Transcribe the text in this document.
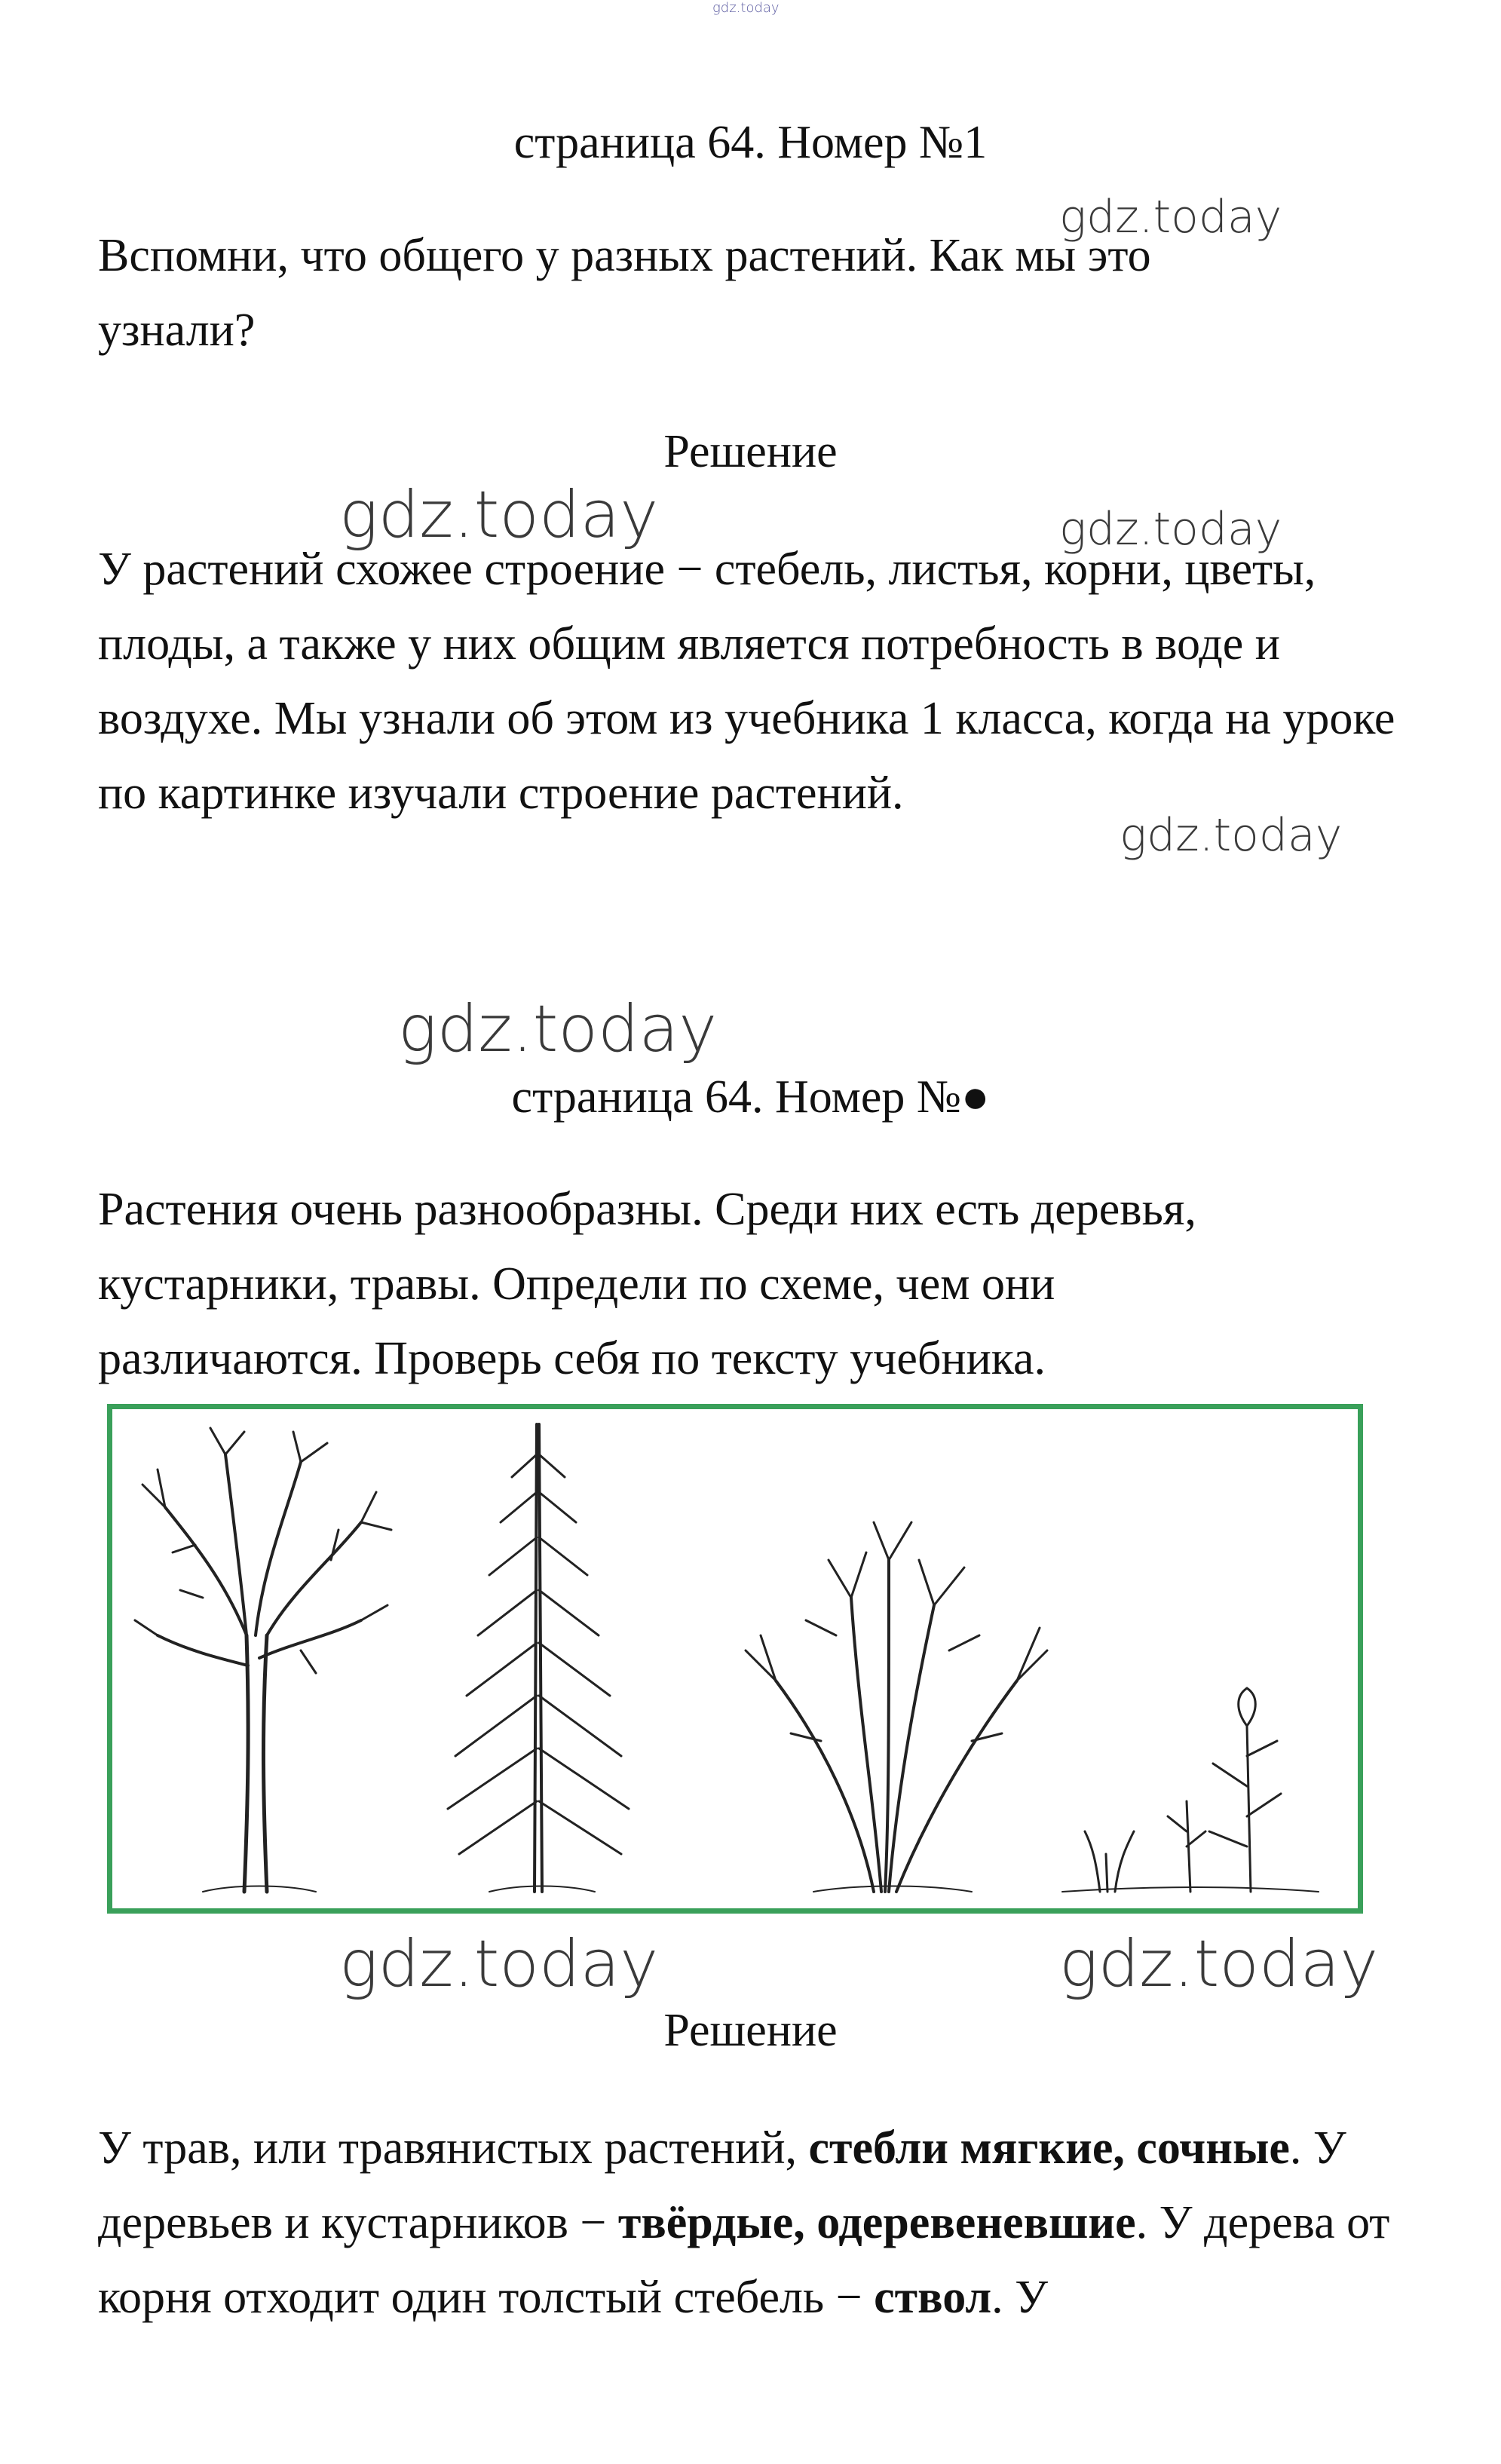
gdz.today
gdz.today
gdz.today	gdz.today
gdz.today
gdz.today
gdz.today	gdz.today
страница 64. Номер №1

Вспомни, что общего у разных растений. Как мы это узнали?

Решение

У растений схожее строение − стебель, листья, корни, цветы, плоды, а также у них общим является потребность в воде и воздухе. Мы узнали об этом из учебника 1 класса, когда на уроке по картинке изучали строение растений.

страница 64. Номер №●

Растения очень разнообразны. Среди них есть деревья, кустарники, травы. Определи по схеме, чем они различаются. Проверь себя по тексту учебника.

Решение

У трав, или травянистых растений, стебли мягкие, сочные. У деревьев и кустарников − твёрдые, одеревеневшие. У дерева от корня отходит один толстый стебель − ствол. У
